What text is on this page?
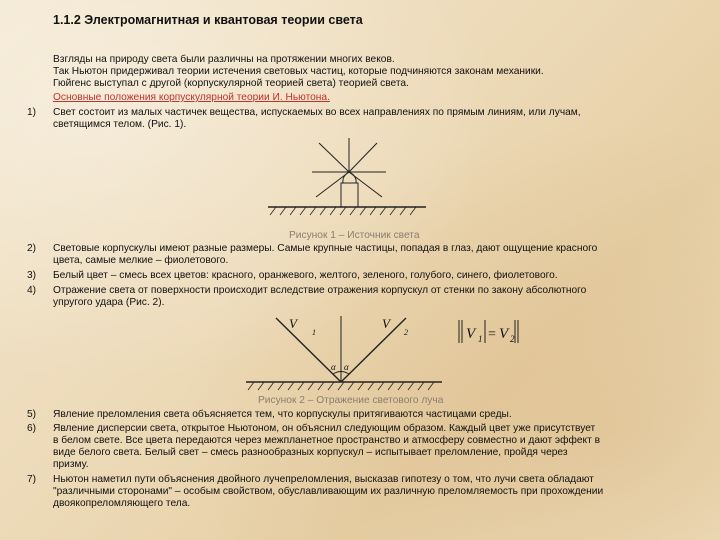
1.1.2 Электромагнитная и квантовая теории света
Взгляды на природу света были различны на протяжении многих веков.
Так Ньютон придерживал теории истечения световых частиц, которые подчиняются законам механики.
Гюйгенс выступал с другой (корпускулярной теорией света) теорией света.
Основные положения корпускулярной теории И. Ньютона.
1) Свет состоит из малых частичек вещества, испускаемых во всех направлениях по прямым линиям, или лучам,
светящимся телом. (Рис. 1).
Рисунок 1 – Источник света
2) Световые корпускулы имеют разные размеры. Самые крупные частицы, попадая в глаз, дают ощущение красного
цвета, самые мелкие – фиолетового.
3) Белый цвет – смесь всех цветов: красного, оранжевого, желтого, зеленого, голубого, синего, фиолетового.
4) Отражение света от поверхности происходит вследствие отражения корпускул от стенки по закону абсолютного
упругого удара (Рис. 2).
V
1
V
2
α α
V 1 = V 2
Рисунок 2 – Отражение светового луча
5) Явление преломления света объясняется тем, что корпускулы притягиваются частицами среды.
6) Явление дисперсии света, открытое Ньютоном, он объяснил следующим образом. Каждый цвет уже присутствует
в белом свете. Все цвета передаются через межпланетное пространство и атмосферу совместно и дают эффект в
виде белого света. Белый свет – смесь разнообразных корпускул – испытывает преломление, пройдя через
призму.
7) Ньютон наметил пути объяснения двойного лучепреломления, высказав гипотезу о том, что лучи света обладают
"различными сторонами" – особым свойством, обуславливающим их различную преломляемость при прохождении
двоякопреломляющего тела.
